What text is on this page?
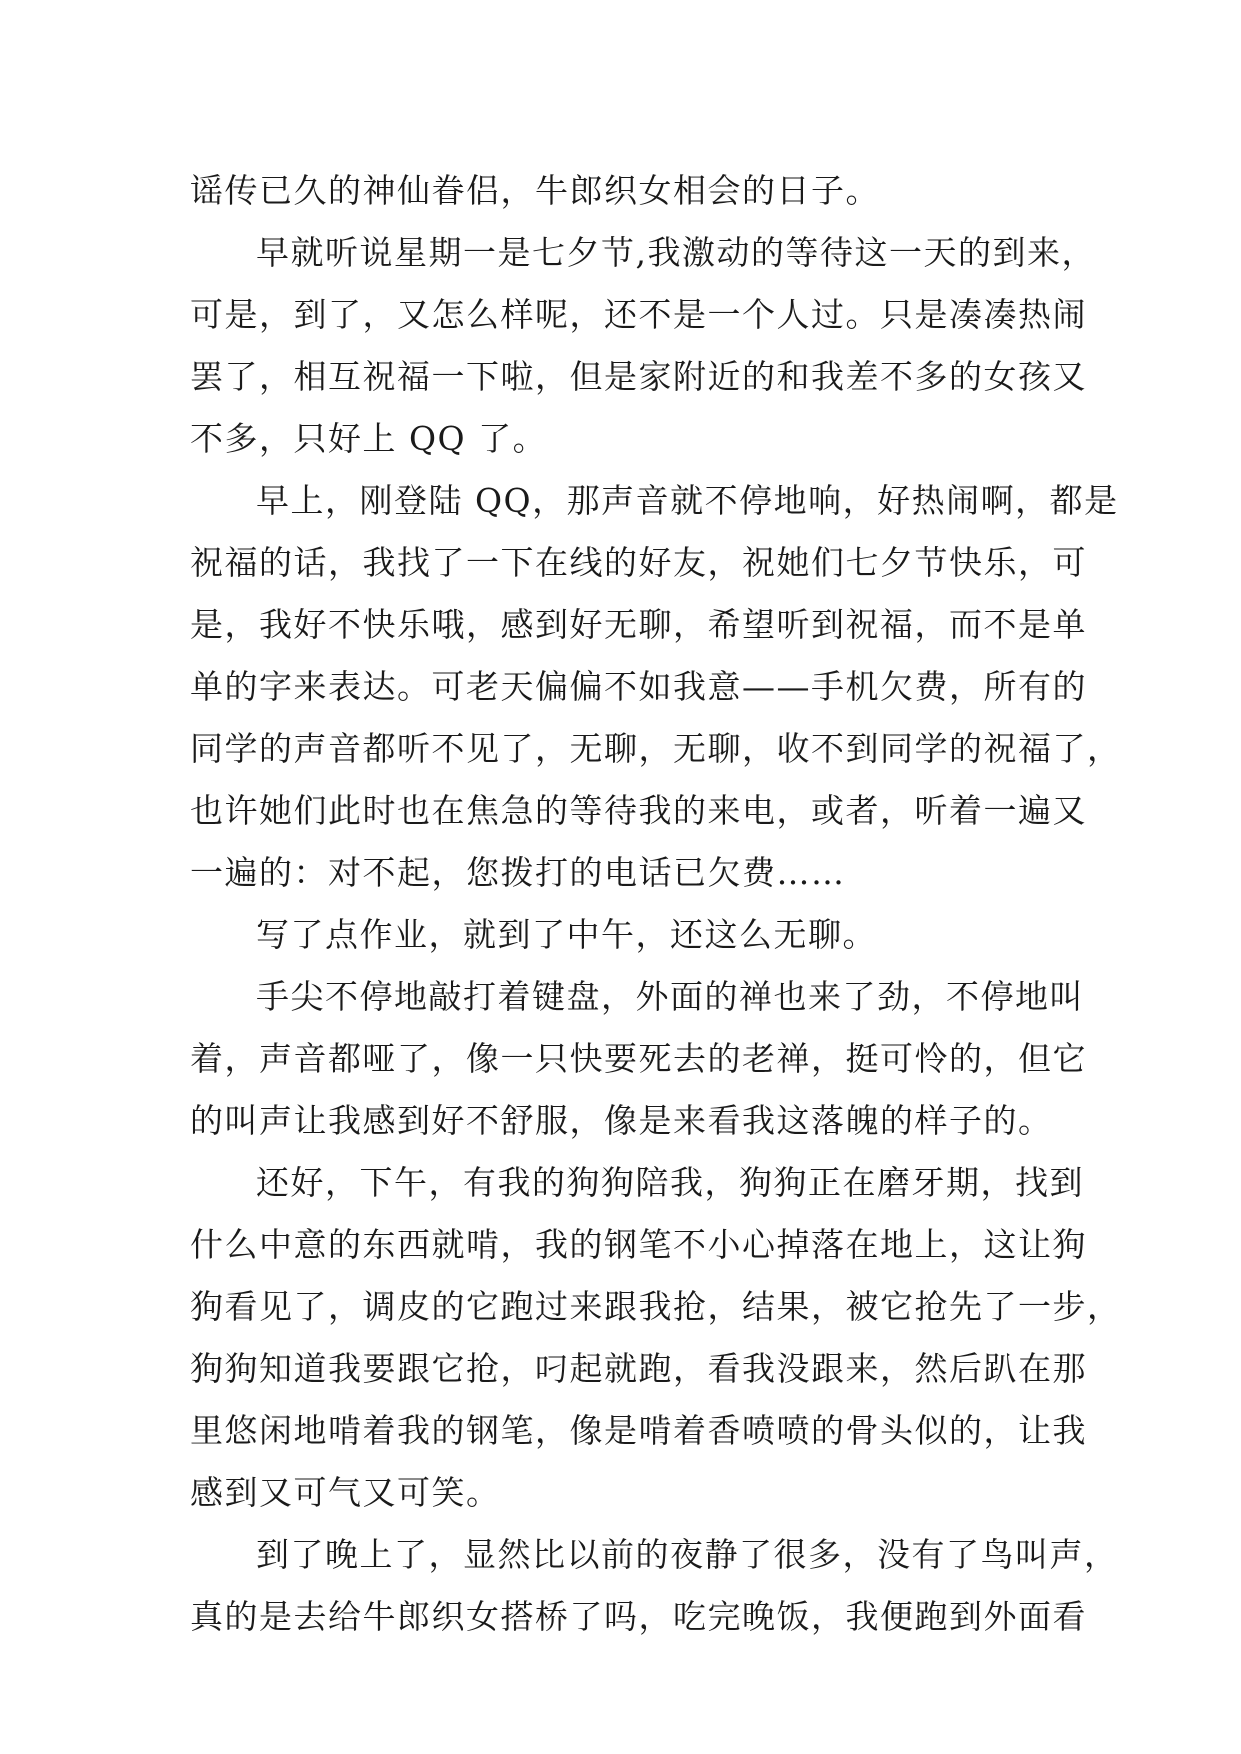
谣传已久的神仙眷侣，牛郎织女相会的日子。
早就听说星期一是七夕节,我激动的等待这一天的到来，
可是，到了，又怎么样呢，还不是一个人过。只是凑凑热闹
罢了，相互祝福一下啦，但是家附近的和我差不多的女孩又
不多，只好上 QQ 了。
早上，刚登陆 QQ，那声音就不停地响，好热闹啊，都是
祝福的话，我找了一下在线的好友，祝她们七夕节快乐，可
是，我好不快乐哦，感到好无聊，希望听到祝福，而不是单
单的字来表达。可老天偏偏不如我意——手机欠费，所有的
同学的声音都听不见了，无聊，无聊，收不到同学的祝福了，
也许她们此时也在焦急的等待我的来电，或者，听着一遍又
一遍的：对不起，您拨打的电话已欠费……
写了点作业，就到了中午，还这么无聊。
手尖不停地敲打着键盘，外面的禅也来了劲，不停地叫
着，声音都哑了，像一只快要死去的老禅，挺可怜的，但它
的叫声让我感到好不舒服，像是来看我这落魄的样子的。
还好，下午，有我的狗狗陪我，狗狗正在磨牙期，找到
什么中意的东西就啃，我的钢笔不小心掉落在地上，这让狗
狗看见了，调皮的它跑过来跟我抢，结果，被它抢先了一步，
狗狗知道我要跟它抢，叼起就跑，看我没跟来，然后趴在那
里悠闲地啃着我的钢笔，像是啃着香喷喷的骨头似的，让我
感到又可气又可笑。
到了晚上了，显然比以前的夜静了很多，没有了鸟叫声，
真的是去给牛郎织女搭桥了吗，吃完晚饭，我便跑到外面看
